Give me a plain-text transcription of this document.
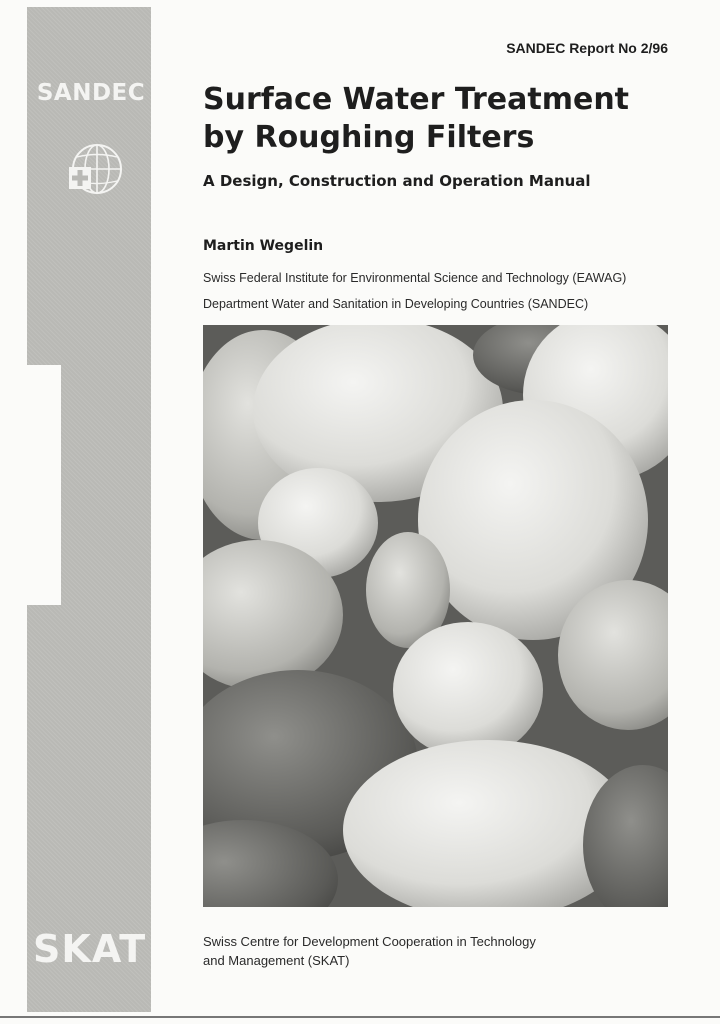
SANDEC
SKAT
SANDEC Report No 2/96
Surface Water Treatment
by Roughing Filters
A Design, Construction and Operation Manual
Martin Wegelin
Swiss Federal Institute for Environmental Science and Technology (EAWAG)
Department Water and Sanitation in Developing Countries (SANDEC)
Swiss Centre for Development Cooperation in Technology
and Management (SKAT)
